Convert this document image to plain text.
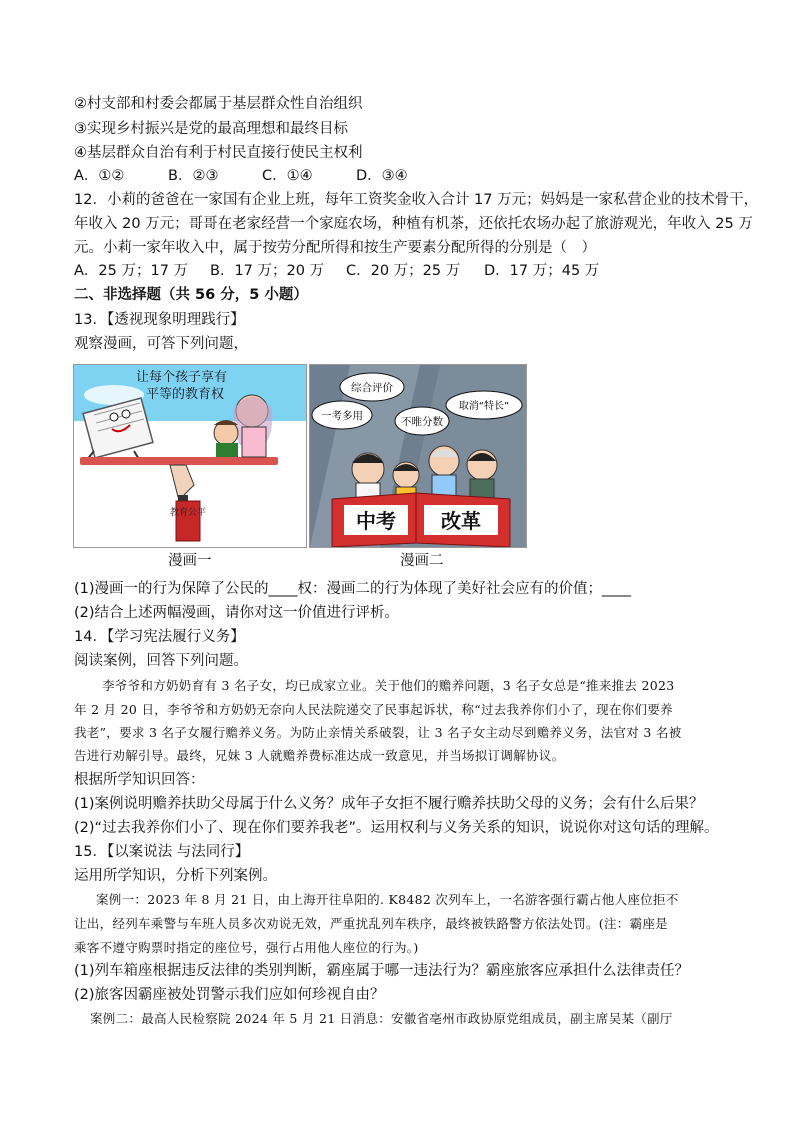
②村支部和村委会都属于基层群众性自治组织
③实现乡村振兴是党的最高理想和最终目标
④基层群众自治有利于村民直接行使民主权利
A．①②	B．②③	C．①④	D．③④
12．小莉的爸爸在一家国有企业上班，每年工资奖金收入合计 17 万元；妈妈是一家私营企业的技术骨干，
年收入 20 万元；哥哥在老家经营一个家庭农场，种植有机茶，还依托农场办起了旅游观光，年收入 25 万
元。小莉一家年收入中，属于按劳分配所得和按生产要素分配所得的分别是（　）
A．25 万；17 万 B．17 万；20 万 C．20 万；25 万 D．17 万；45 万
二、非选择题（共 56 分，5 小题）
13．【透视现象明理践行】
观察漫画，可答下列问题，
让每个孩子享有
平等的教育权
教育公平
漫画一
综合评价
一考多用	不唯分数
取消“特长”
中考 改革
漫画二
(1)漫画一的行为保障了公民的____权：漫画二的行为体现了美好社会应有的价值；____
(2)结合上述两幅漫画，请你对这一价值进行评析。
14．【学习宪法履行义务】
阅读案例，回答下列问题。
李爷爷和方奶奶育有 3 名子女，均已成家立业。关于他们的赡养问题，3 名子女总是“推来推去 2023
年 2 月 20 日，李爷爷和方奶奶无奈向人民法院递交了民事起诉状，称“过去我养你们小了，现在你们要养
我老”，要求 3 名子女履行赡养义务。为防止亲情关系破裂，让 3 名子女主动尽到赡养义务，法官对 3 名被
告进行劝解引导。最终，兄妹 3 人就赡养费标准达成一致意见，并当场拟订调解协议。
根据所学知识回答：
(1)案例说明赡养扶助父母属于什么义务？成年子女拒不履行赡养扶助父母的义务；会有什么后果？
(2)“过去我养你们小了、现在你们要养我老”。运用权利与义务关系的知识，说说你对这句话的理解。
15．【以案说法 与法同行】
运用所学知识，分析下列案例。
案例一：2023 年 8 月 21 日，由上海开往阜阳的. K8482 次列车上，一名游客强行霸占他人座位拒不
让出，经列车乘警与车班人员多次劝说无效，严重扰乱列车秩序，最终被铁路警方依法处罚。(注：霸座是
乘客不遵守购票时指定的座位号，强行占用他人座位的行为。)
(1)列车箱座根据违反法律的类别判断，霸座属于哪一违法行为？霸座旅客应承担什么法律责任？
(2)旅客因霸座被处罚警示我们应如何珍视自由？
案例二：最高人民检察院 2024 年 5 月 21 日消息：安徽省亳州市政协原党组成员，副主席吴某（副厅
